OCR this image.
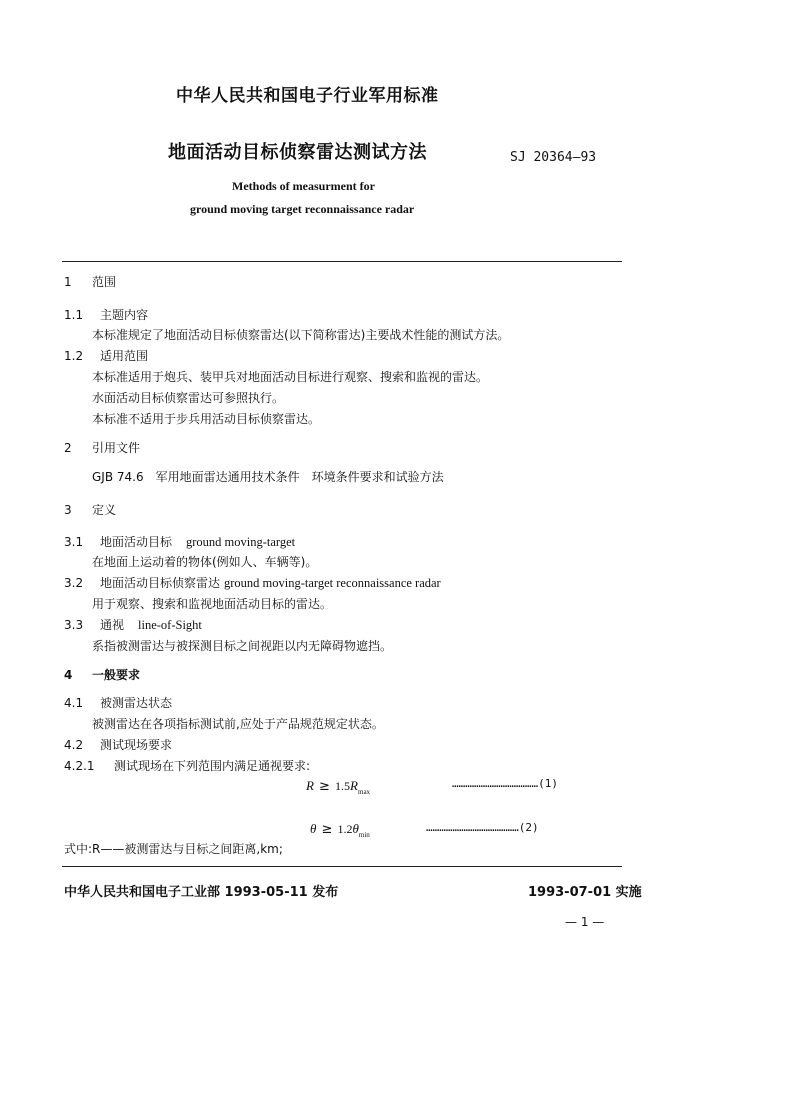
中华人民共和国电子行业军用标准
地面活动目标侦察雷达测试方法	SJ 20364—93
Methods of measurment for
ground moving target reconnaissance radar
1 范围
1.1 主题内容
本标准规定了地面活动目标侦察雷达(以下简称雷达)主要战术性能的测试方法。
1.2 适用范围
本标准适用于炮兵、装甲兵对地面活动目标进行观察、搜索和监视的雷达。
水面活动目标侦察雷达可参照执行。
本标准不适用于步兵用活动目标侦察雷达。
2 引用文件
GJB 74.6　军用地面雷达通用技术条件　环境条件要求和试验方法
3 定义
3.1 地面活动目标 ground moving-target
在地面上运动着的物体(例如人、车辆等)。
3.2 地面活动目标侦察雷达 ground moving-target reconnaissance radar
用于观察、搜索和监视地面活动目标的雷达。
3.3 通视 line-of-Sight
系指被测雷达与被探测目标之间视距以内无障碍物遮挡。
4 一般要求
4.1 被测雷达状态
被测雷达在各项指标测试前,应处于产品规范规定状态。
4.2 测试现场要求
4.2.1 测试现场在下列范围内满足通视要求:
$R \ge 1.5R_{max}$
…………………………………(1)
$\theta \ge 1.2\theta_{min}$
……………………………………(2)
式中:R——被测雷达与目标之间距离,km;
中华人民共和国电子工业部 1993-05-11 发布	1993-07-01 实施
— 1 —
